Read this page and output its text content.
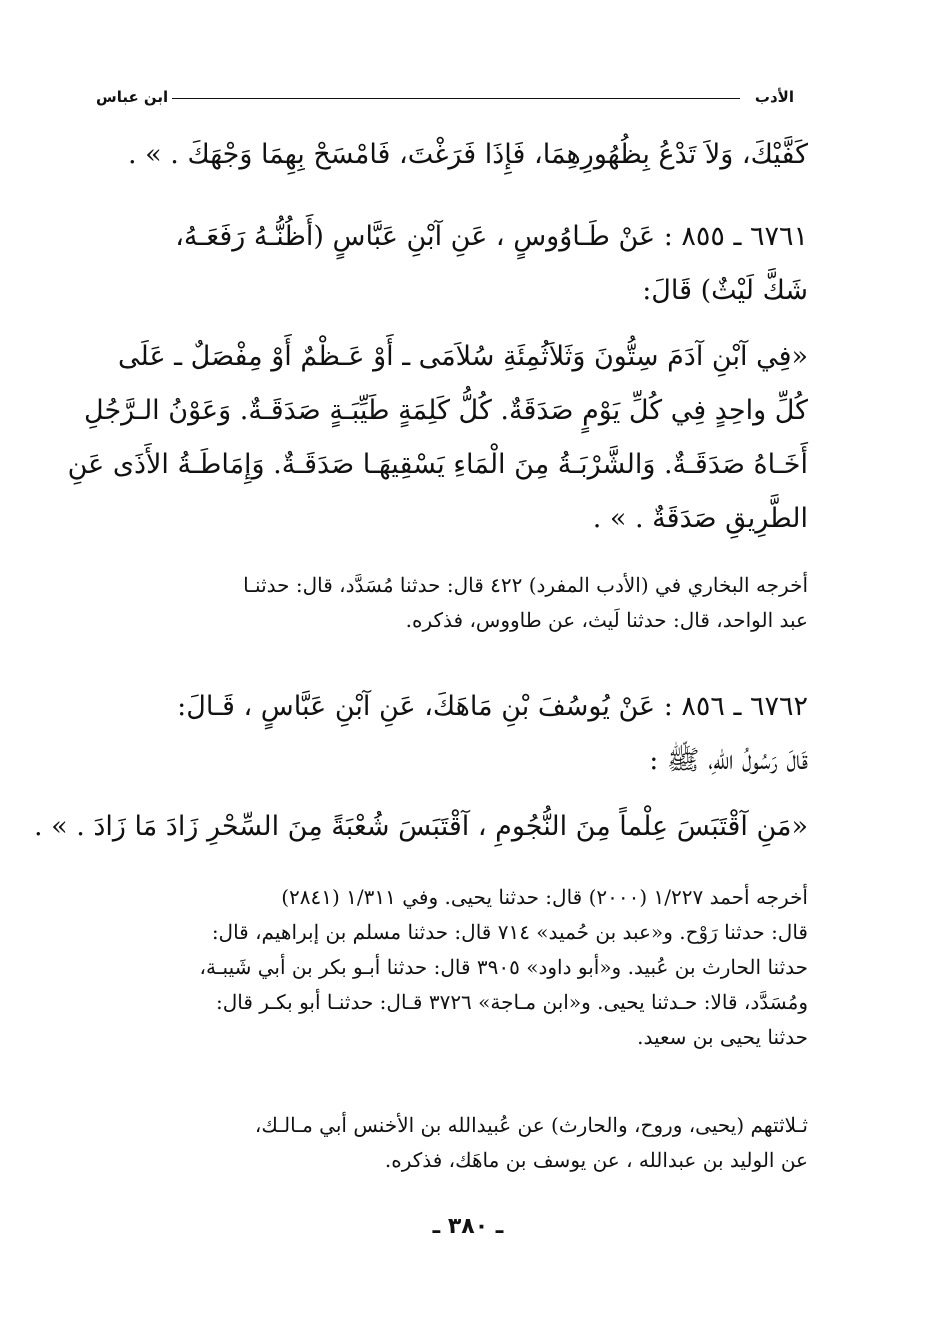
الأدب
ابن عباس
كَفَّيْكَ، وَلاَ تَدْعُ بِظُهُورِهِمَا، فَإِذَا فَرَغْتَ، فَامْسَحْ بِهِمَا وَجْهَكَ . » .
٦٧٦١ ـ ٨٥٥ : عَنْ طَـاوُوسٍ ، عَنِ آبْنِ عَبَّاسٍ (أَظُنُّـهُ رَفَعَـهُ،
شَكَّ لَيْثٌ) قَالَ:
«فِي آبْنِ آدَمَ سِتُّونَ وَثَلاَثُمِئَةِ سُلاَمَى ـ أَوْ عَـظْمٌ أَوْ مِفْصَلٌ ـ عَلَى
كُلِّ واحِدٍ فِي كُلِّ يَوْمٍ صَدَقَةٌ. كُلُّ كَلِمَةٍ طَيِّبَـةٍ صَدَقَـةٌ. وَعَوْنُ الـرَّجُلِ
أَخَـاهُ صَدَقَـةٌ. وَالشَّرْبَـةُ مِنَ الْمَاءِ يَسْقِيهَـا صَدَقَـةٌ. وَإِمَاطَـةُ الأَذَى عَنِ
الطَّرِيقِ صَدَقَةٌ . » .
أخرجه البخاري في (الأدب المفرد) ٤٢٢ قال: حدثنا مُسَدَّد، قال: حدثنـا
عبد الواحد، قال: حدثنا لَيث، عن طاووس، فذكره.
٦٧٦٢ ـ ٨٥٦ : عَنْ يُوسُفَ بْنِ مَاهَكَ، عَنِ آبْنِ عَبَّاسٍ ، قَـالَ:
قَالَ رَسُولُ اللّهِ، ﷺ :
«مَنِ آقْتَبَسَ عِلْماً مِنَ النُّجُومِ ، آقْتَبَسَ شُعْبَةً مِنَ السِّحْرِ زَادَ مَا زَادَ . » .
أخرجه أحمد ١/٢٢٧ (٢٠٠٠) قال: حدثنا يحيى. وفي ١/٣١١ (٢٨٤١)
قال: حدثنا رَوْح. و«عبد بن حُميد» ٧١٤ قال: حدثنا مسلم بن إبراهيم، قال:
حدثنا الحارث بن عُبيد. و«أبو داود» ٣٩٠٥ قال: حدثنا أبـو بكر بن أبي شَيبـة،
ومُسَدَّد، قالا: حـدثنا يحيى. و«ابن مـاجة» ٣٧٢٦ قـال: حدثنـا أبو بكـر قال:
حدثنا يحيى بن سعيد.
ثـلاثتهم (يحيى، وروح، والحارث) عن عُبيدالله بن الأخنس أبي مـالـك،
عن الوليد بن عبدالله ، عن يوسف بن ماهَك، فذكره.
ـ ٣٨٠ ـ
